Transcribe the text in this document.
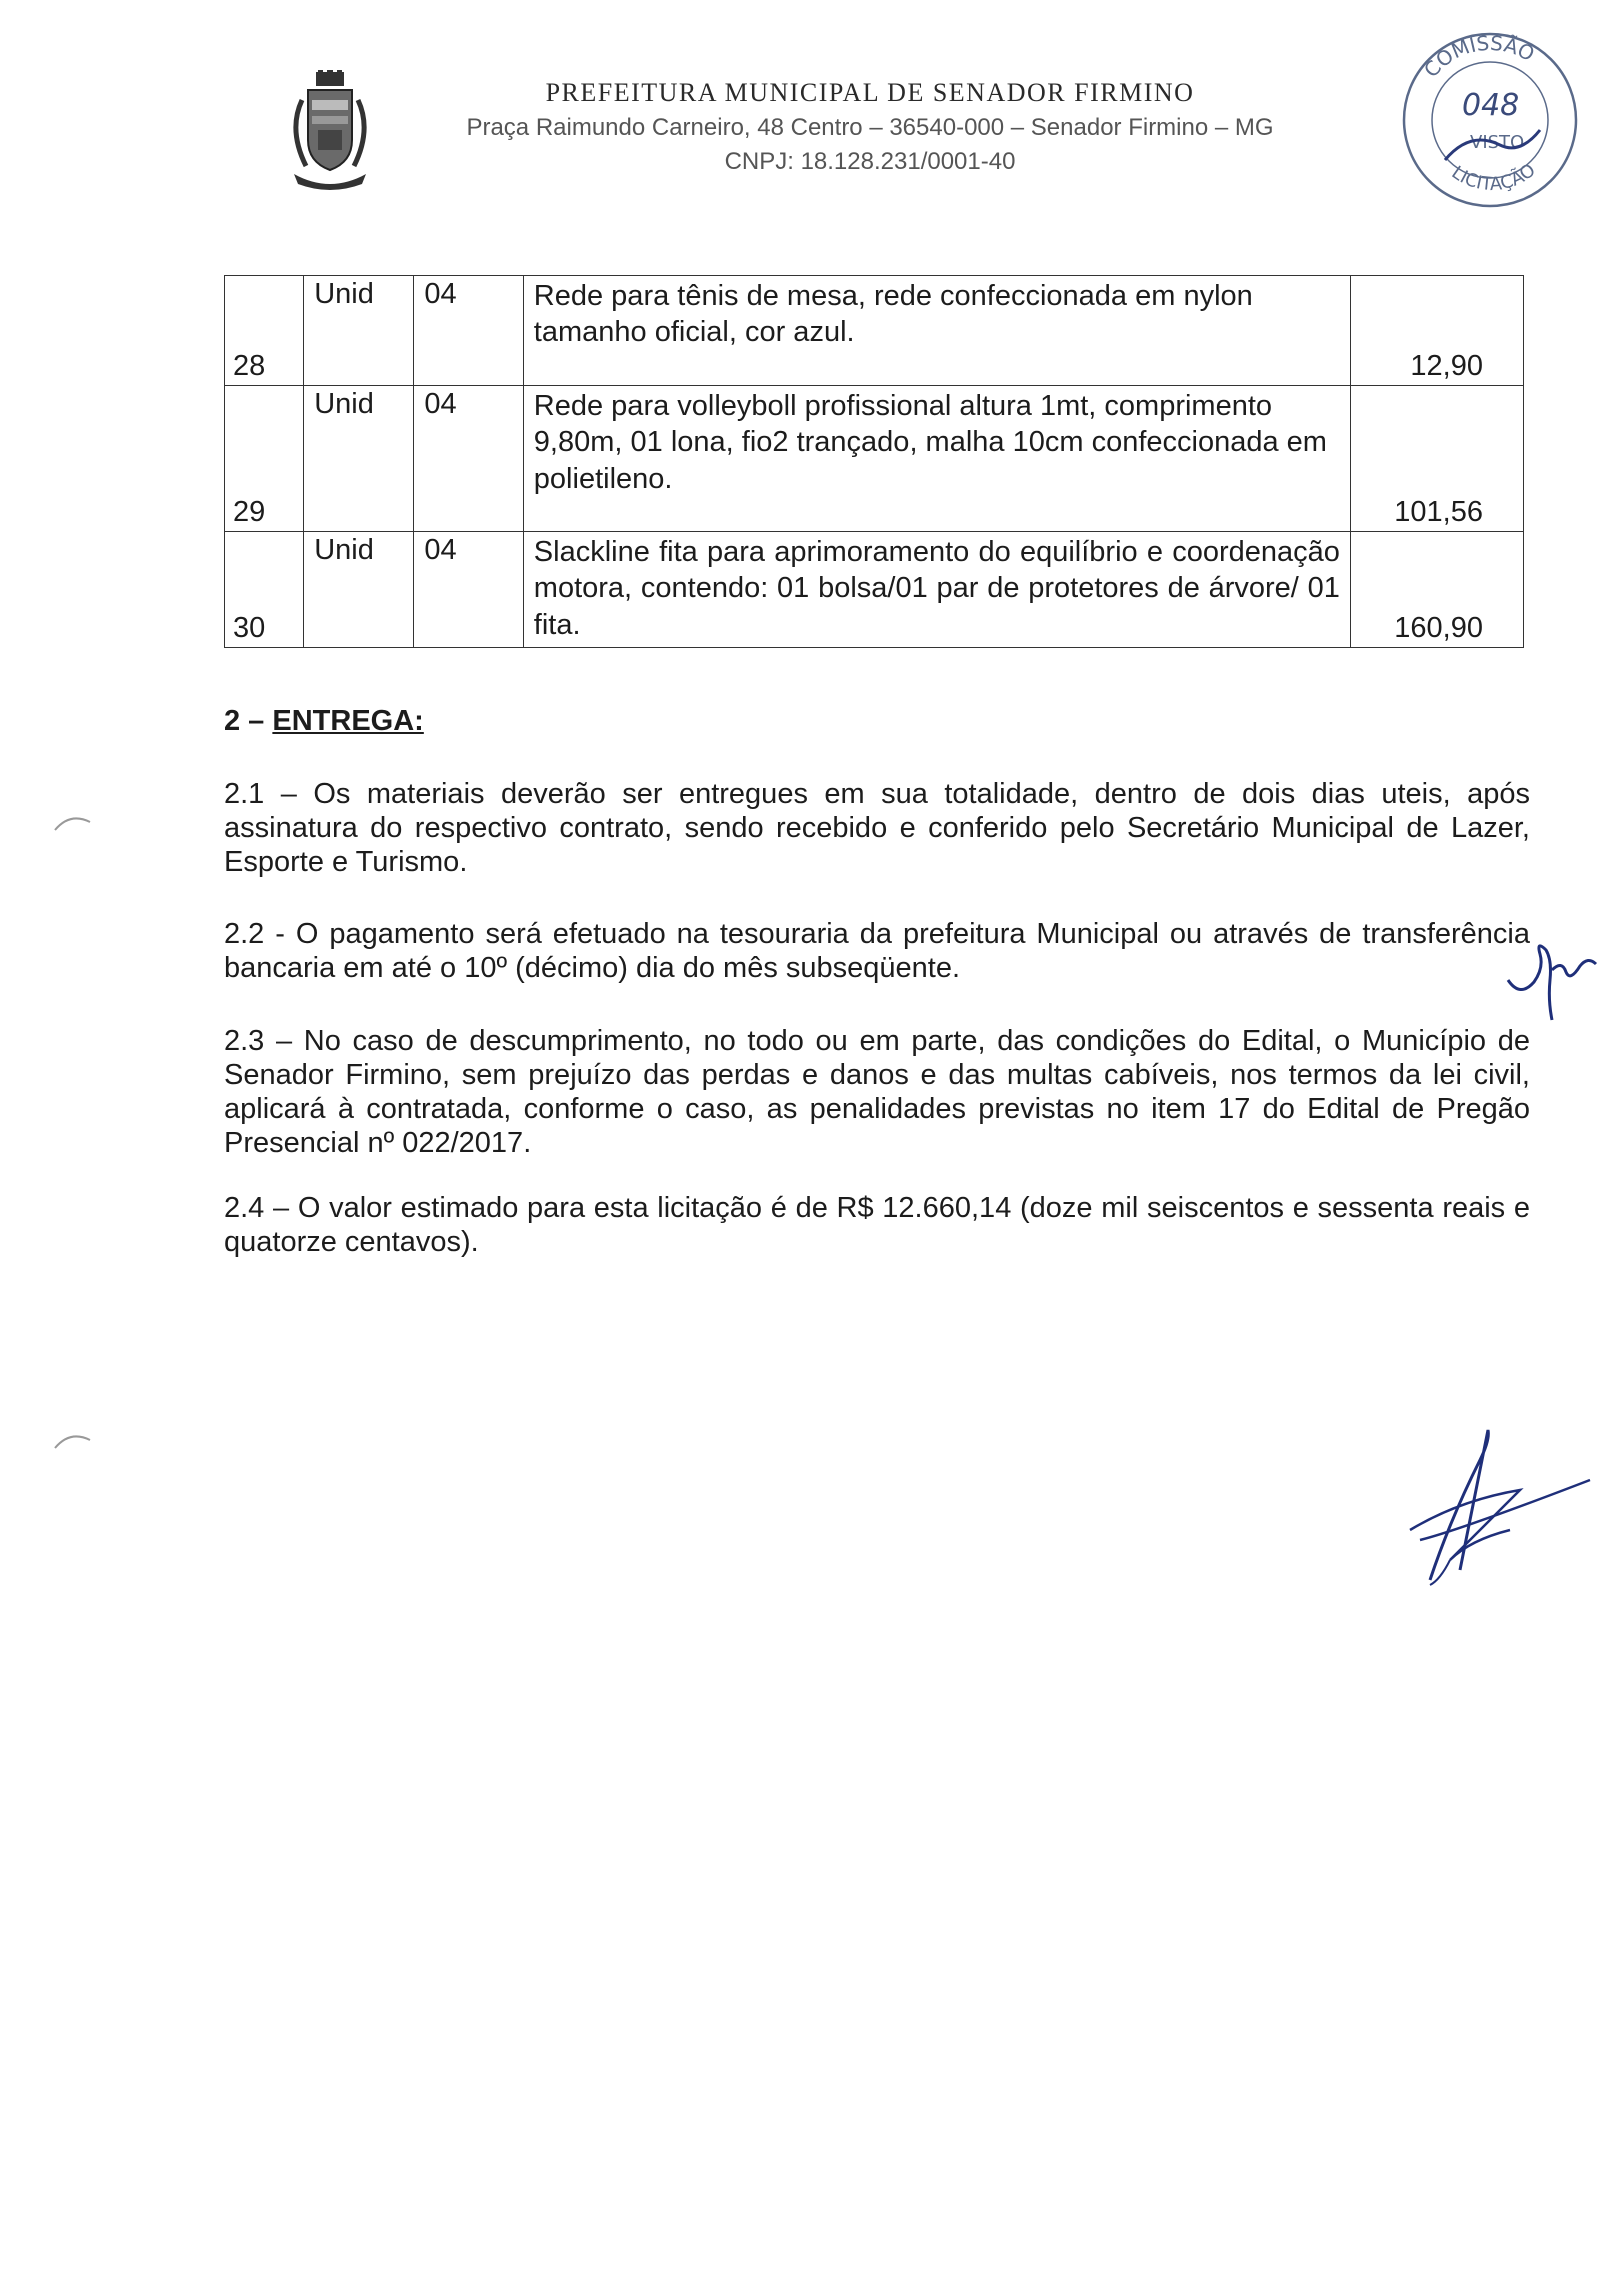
PREFEITURA MUNICIPAL DE SENADOR FIRMINO
Praça Raimundo Carneiro, 48 Centro – 36540-000 – Senador Firmino – MG
CNPJ: 18.128.231/0001-40
COMISSÃO
048
VISTO
LICITAÇÃO
28	Unid	04	Rede para tênis de mesa, rede confeccionada em nylon tamanho oficial, cor azul.	12,90

29	Unid	04	Rede para volleyboll profissional altura 1mt, comprimento 9,80m, 01 lona, fio2 trançado, malha 10cm confeccionada em polietileno.	101,56

30	Unid	04	Slackline fita para aprimoramento do equilíbrio e coordenação motora, contendo: 01 bolsa/01 par de protetores de árvore/ 01 fita.	160,90
2 – ENTREGA:
2.1 – Os materiais deverão ser entregues em sua totalidade, dentro de dois dias uteis, após assinatura do respectivo contrato, sendo recebido e conferido pelo Secretário Municipal de Lazer, Esporte e Turismo.
2.2 - O pagamento será efetuado na tesouraria da prefeitura Municipal ou através de transferência bancaria em até o 10º (décimo) dia do mês subseqüente.
2.3 – No caso de descumprimento, no todo ou em parte, das condições do Edital, o Município de Senador Firmino, sem prejuízo das perdas e danos e das multas cabíveis, nos termos da lei civil, aplicará à contratada, conforme o caso, as penalidades previstas no item 17 do Edital de Pregão Presencial nº 022/2017.
2.4 – O valor estimado para esta licitação é de R$ 12.660,14 (doze mil seiscentos e sessenta reais e quatorze centavos).
